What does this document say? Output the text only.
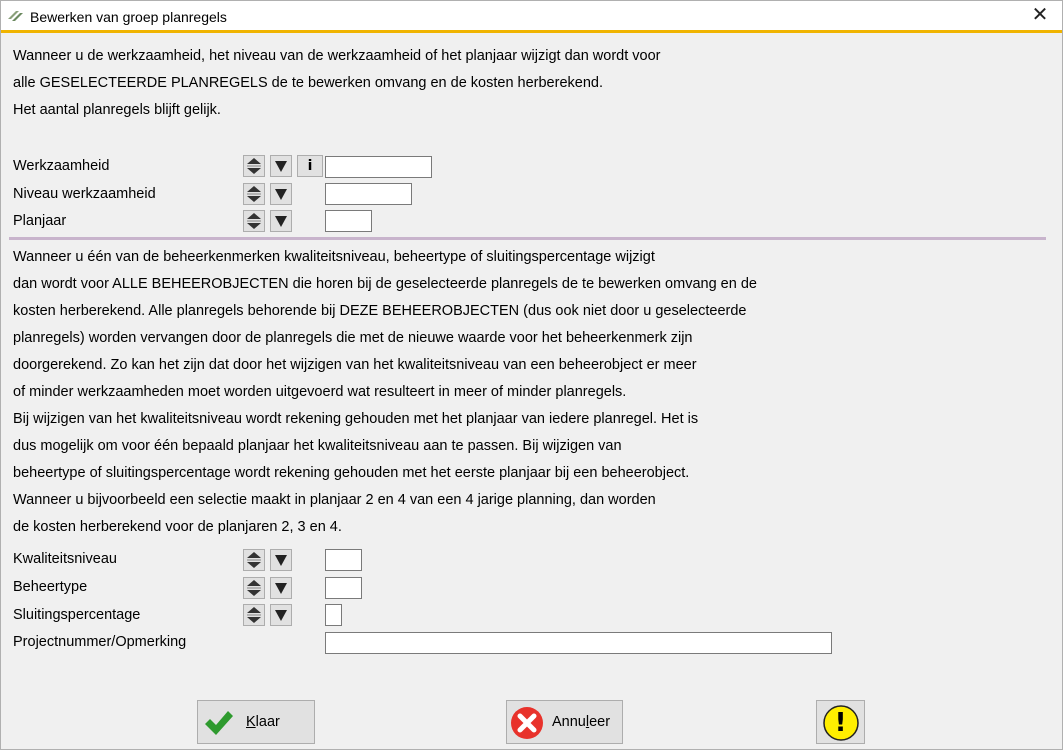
Bewerken van groep planregels	✕
Wanneer u de werkzaamheid, het niveau van de werkzaamheid of het planjaar wijzigt dan wordt voor
alle GESELECTEERDE PLANREGELS de te bewerken omvang en de kosten herberekend.
Het aantal planregels blijft gelijk.
Werkzaamheid	i
Niveau werkzaamheid
Planjaar
Wanneer u één van de beheerkenmerken kwaliteitsniveau, beheertype of sluitingspercentage wijzigt
dan wordt voor ALLE BEHEEROBJECTEN die horen bij de geselecteerde planregels de te bewerken omvang en de
kosten herberekend. Alle planregels behorende bij DEZE BEHEEROBJECTEN (dus ook niet door u geselecteerde
planregels) worden vervangen door de planregels die met de nieuwe waarde voor het beheerkenmerk zijn
doorgerekend. Zo kan het zijn dat door het wijzigen van het kwaliteitsniveau van een beheerobject er meer
of minder werkzaamheden moet worden uitgevoerd wat resulteert in meer of minder planregels.
Bij wijzigen van het kwaliteitsniveau wordt rekening gehouden met het planjaar van iedere planregel. Het is
dus mogelijk om voor één bepaald planjaar het kwaliteitsniveau aan te passen. Bij wijzigen van
beheertype of sluitingspercentage wordt rekening gehouden met het eerste planjaar bij een beheerobject.
Wanneer u bijvoorbeeld een selectie maakt in planjaar 2 en 4 van een 4 jarige planning, dan worden
de kosten herberekend voor de planjaren 2, 3 en 4.
Kwaliteitsniveau
Beheertype
Sluitingspercentage
Projectnummer/Opmerking
Klaar	Annuleer	!
